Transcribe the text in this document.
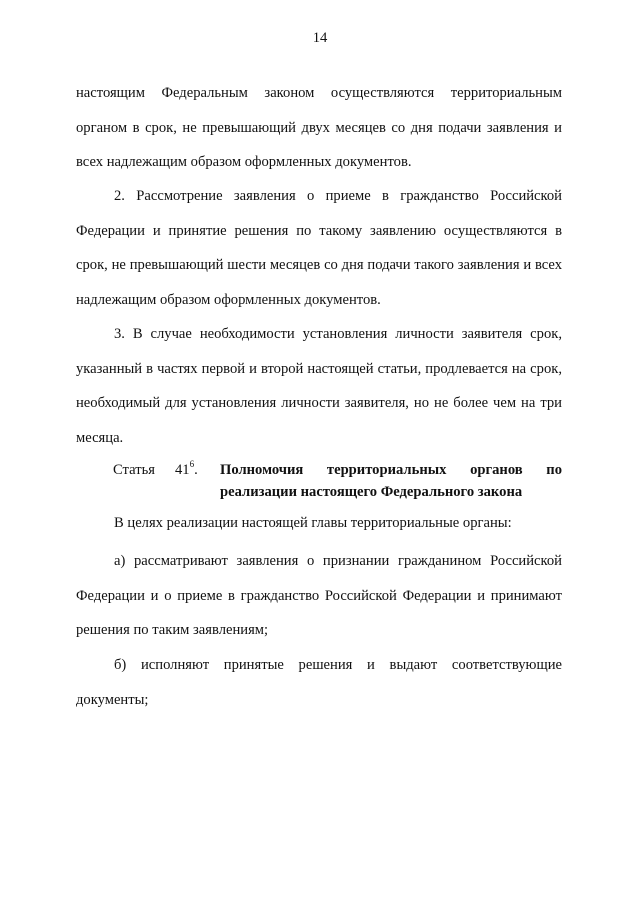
14

настоящим Федеральным законом осуществляются территориальным органом в срок, не превышающий двух месяцев со дня подачи заявления и всех надлежащим образом оформленных документов.

2. Рассмотрение заявления о приеме в гражданство Российской Федерации и принятие решения по такому заявлению осуществляются в срок, не превышающий шести месяцев со дня подачи такого заявления и всех надлежащим образом оформленных документов.

3. В случае необходимости установления личности заявителя срок, указанный в частях первой и второй настоящей статьи, продлевается на срок, необходимый для установления личности заявителя, но не более чем на три месяца.

Статья $41^6$. Полномочия территориальных органов по
реализации настоящего Федерального закона

В целях реализации настоящей главы территориальные органы:

а) рассматривают заявления о признании гражданином Российской Федерации и о приеме в гражданство Российской Федерации и принимают решения по таким заявлениям;

б) исполняют принятые решения и выдают соответствующие документы;
